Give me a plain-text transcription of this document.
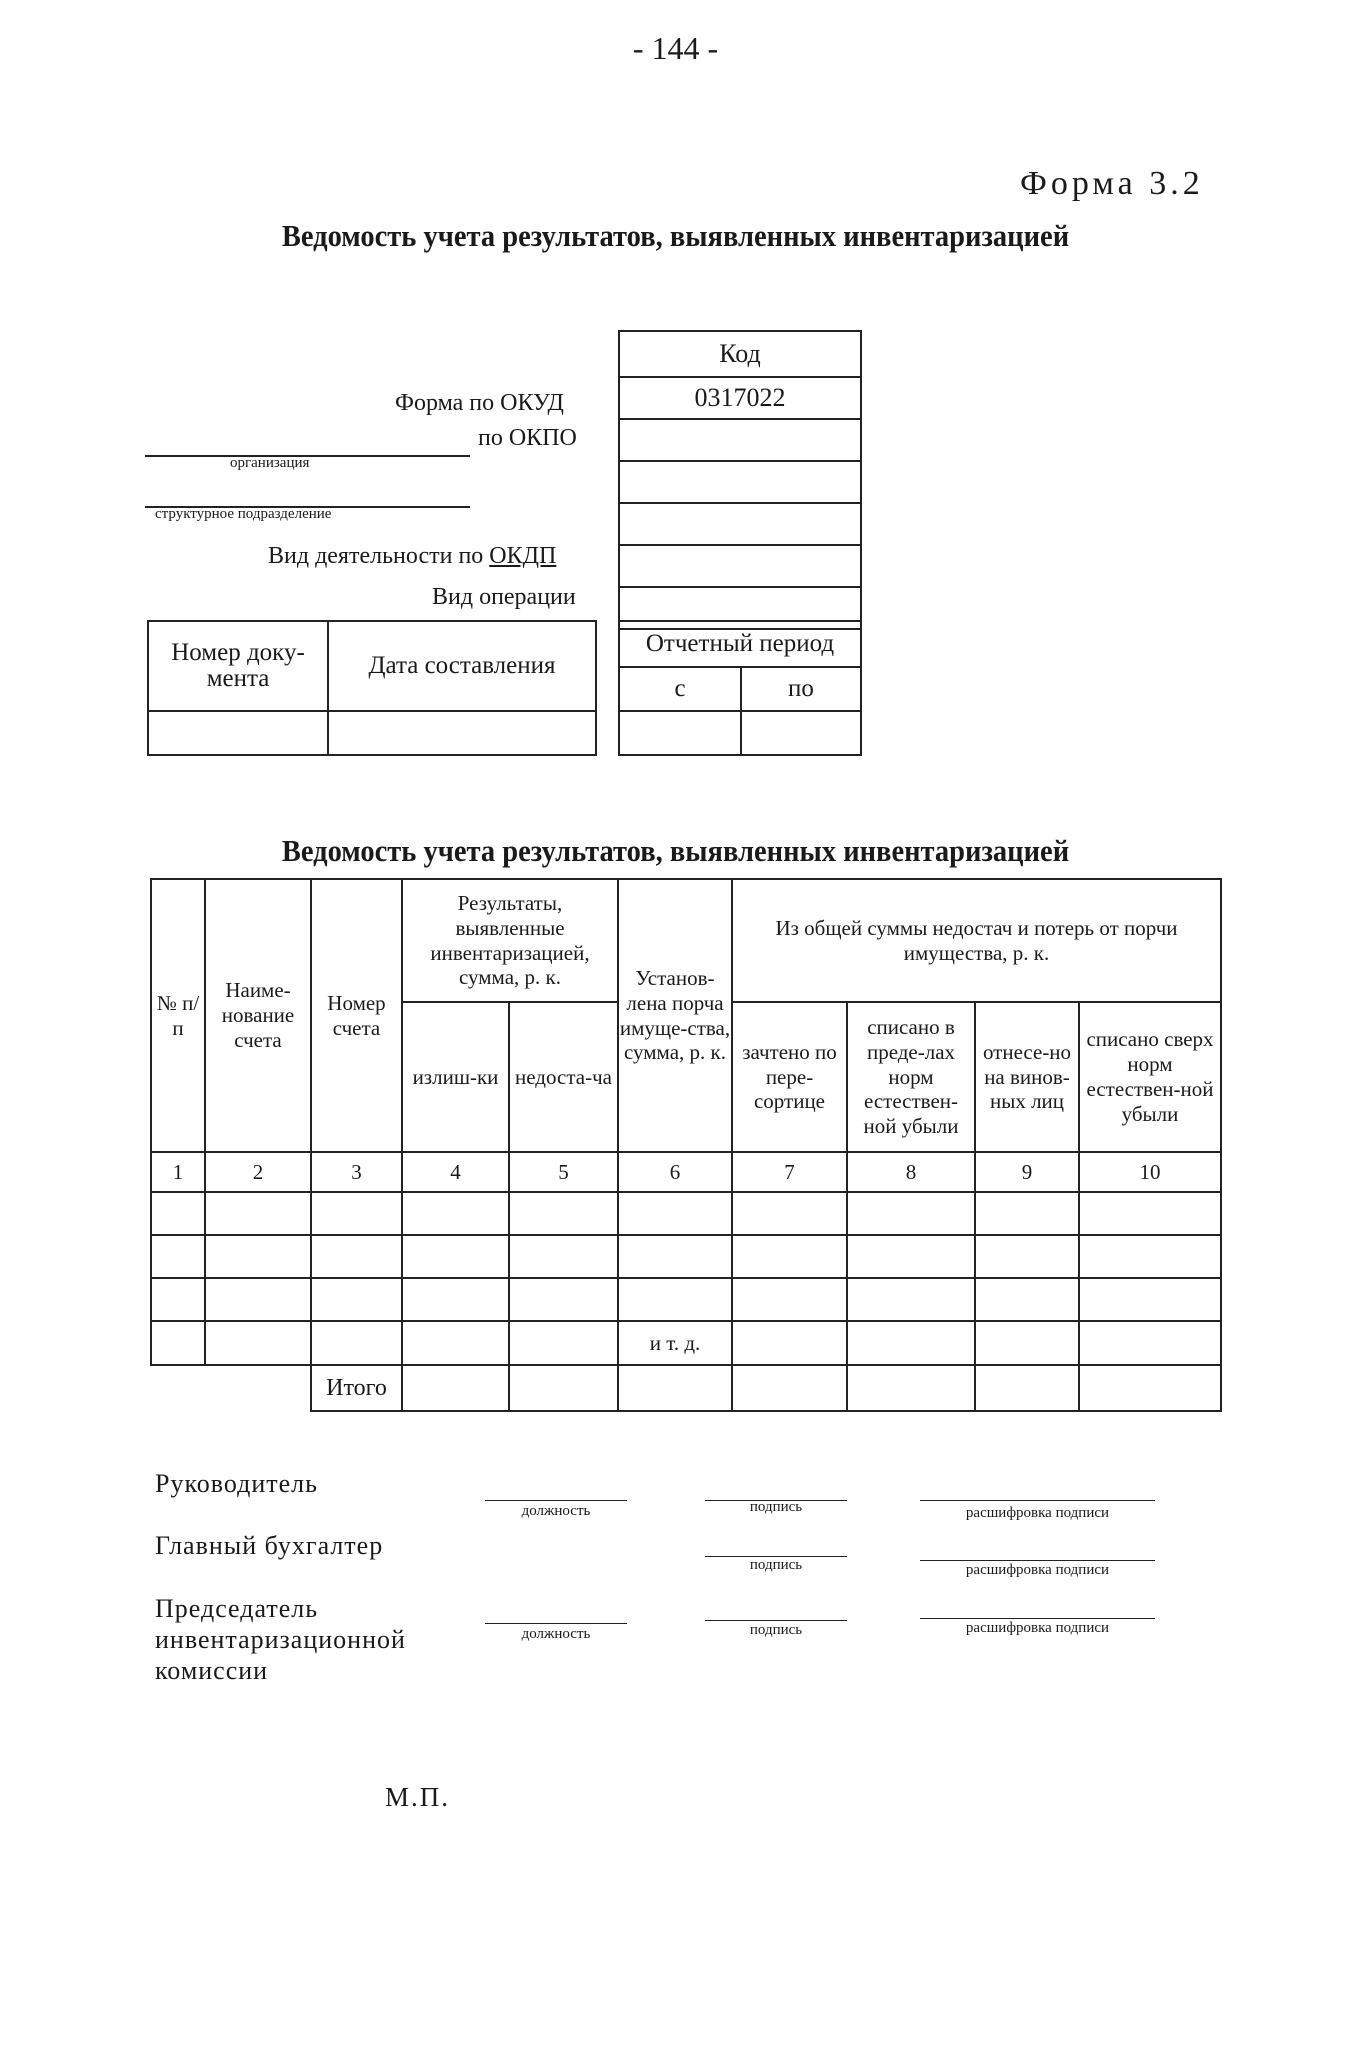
- 144 -
Форма 3.2
Ведомость учета результатов, выявленных инвентаризацией
Код
0317022

Форма по ОКУД
по ОКПО
организация
структурное подразделение
Вид деятельности по ОКДП
Вид операции
Номер доку-мента	Дата составления

Отчетный период	
с	по

Ведомость учета результатов, выявленных инвентаризацией
№ п/п	Наиме-нование счета	Номер счета	Результаты, выявленные инвентаризацией, сумма, р. к.		Установ-лена порча имуще-ства, сумма, р. к.	Из общей суммы недостач и потерь от порчи имущества, р. к.			
			излиш-ки	недоста-ча		зачтено по пере-сортице	списано в преде-лах норм естествен-ной убыли	отнесе-но на винов-ных лиц	списано сверх норм естествен-ной убыли
1	2	3	4	5	6	7	8	9	10

					и т. д.				
		Итого							
Руководитель
должность	подпись	расшифровка подписи
Главный бухгалтер
подпись	расшифровка подписи
Председатель инвентаризационной комиссии
должность	подпись	расшифровка подписи
М.П.
